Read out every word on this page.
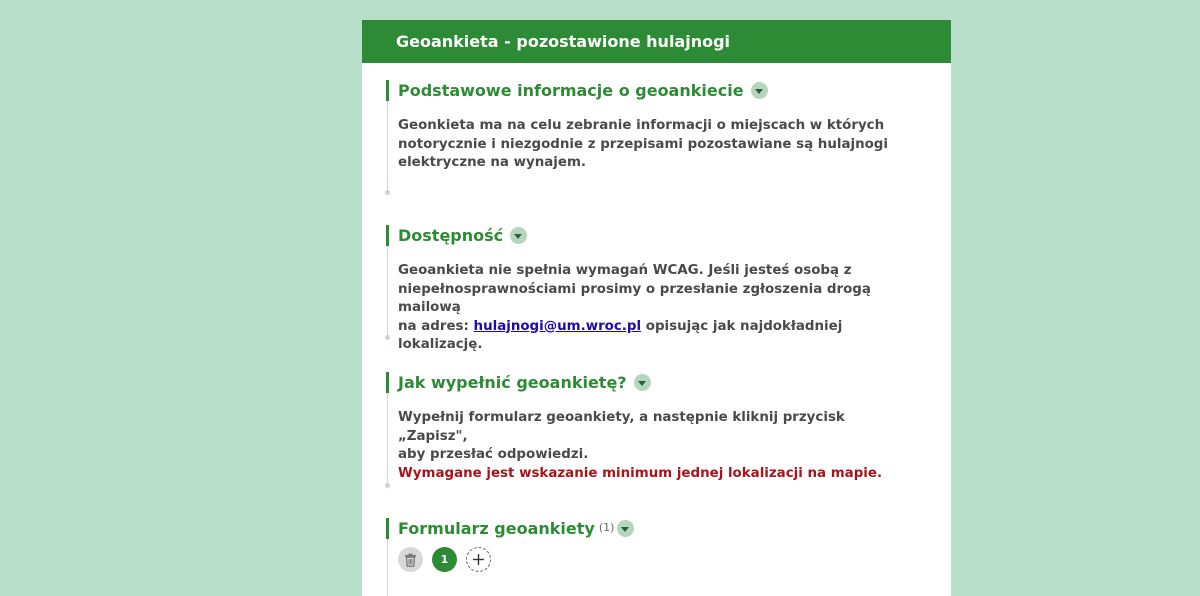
Geoankieta - pozostawione hulajnogi
Podstawowe informacje o geoankiecie
Geonkieta ma na celu zebranie informacji o miejscach w których
notorycznie i niezgodnie z przepisami pozostawiane są hulajnogi
elektryczne na wynajem.
Dostępność
Geoankieta nie spełnia wymagań WCAG. Jeśli jesteś osobą z
niepełnosprawnościami prosimy o przesłanie zgłoszenia drogą mailową
na adres: hulajnogi@um.wroc.pl opisując jak najdokładniej lokalizację.
Jak wypełnić geoankietę?
Wypełnij formularz geoankiety, a następnie kliknij przycisk „Zapisz",
aby przesłać odpowiedzi.
Wymagane jest wskazanie minimum jednej lokalizacji na mapie.
Formularz geoankiety (1)
1
